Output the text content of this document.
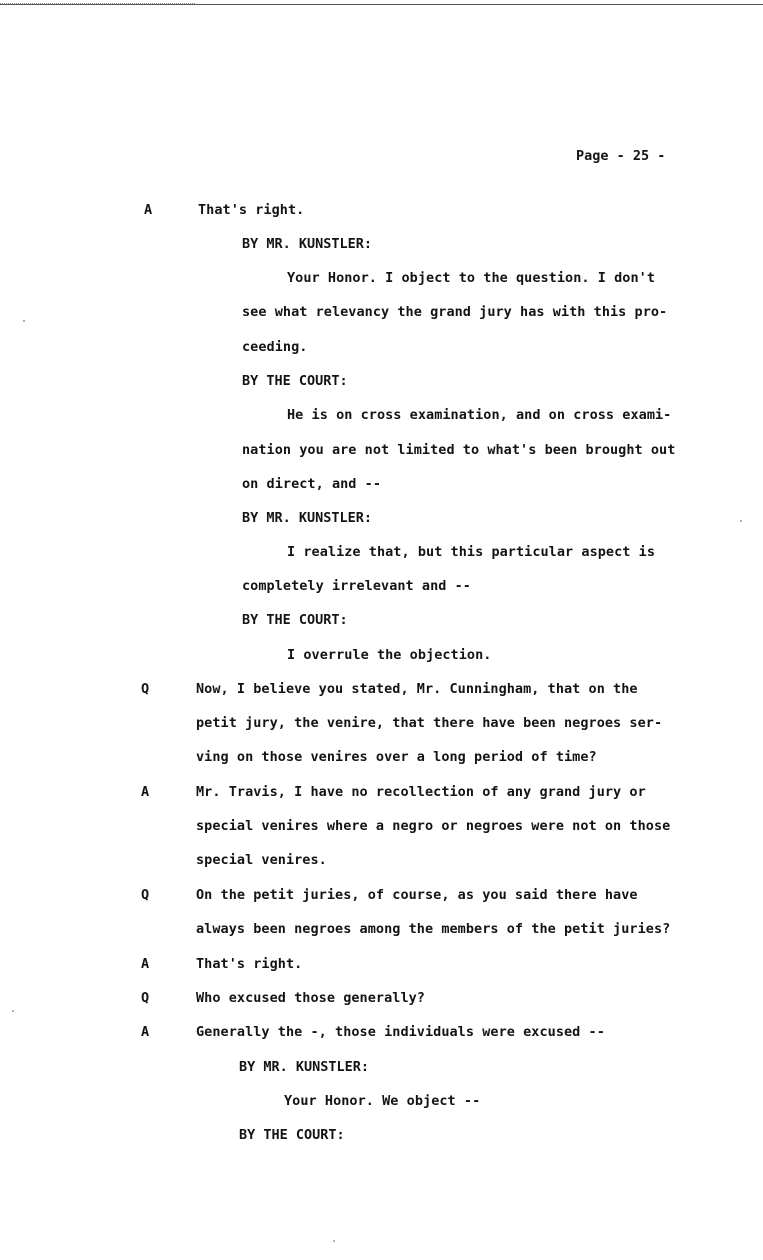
Page - 25 -
A	That's right.
BY MR. KUNSTLER:
Your Honor. I object to the question. I don't
see what relevancy the grand jury has with this pro-
ceeding.
BY THE COURT:
He is on cross examination, and on cross exami-
nation you are not limited to what's been brought out
on direct, and --
BY MR. KUNSTLER:
I realize that, but this particular aspect is
completely irrelevant and --
BY THE COURT:
I overrule the objection.
Q	Now, I believe you stated, Mr. Cunningham, that on the
petit jury, the venire, that there have been negroes ser-
ving on those venires over a long period of time?
A	Mr. Travis, I have no recollection of any grand jury or
special venires where a negro or negroes were not on those
special venires.
Q	On the petit juries, of course, as you said there have
always been negroes among the members of the petit juries?
A	That's right.
Q	Who excused those generally?
A	Generally the -, those individuals were excused --
BY MR. KUNSTLER:
Your Honor. We object --
BY THE COURT:
